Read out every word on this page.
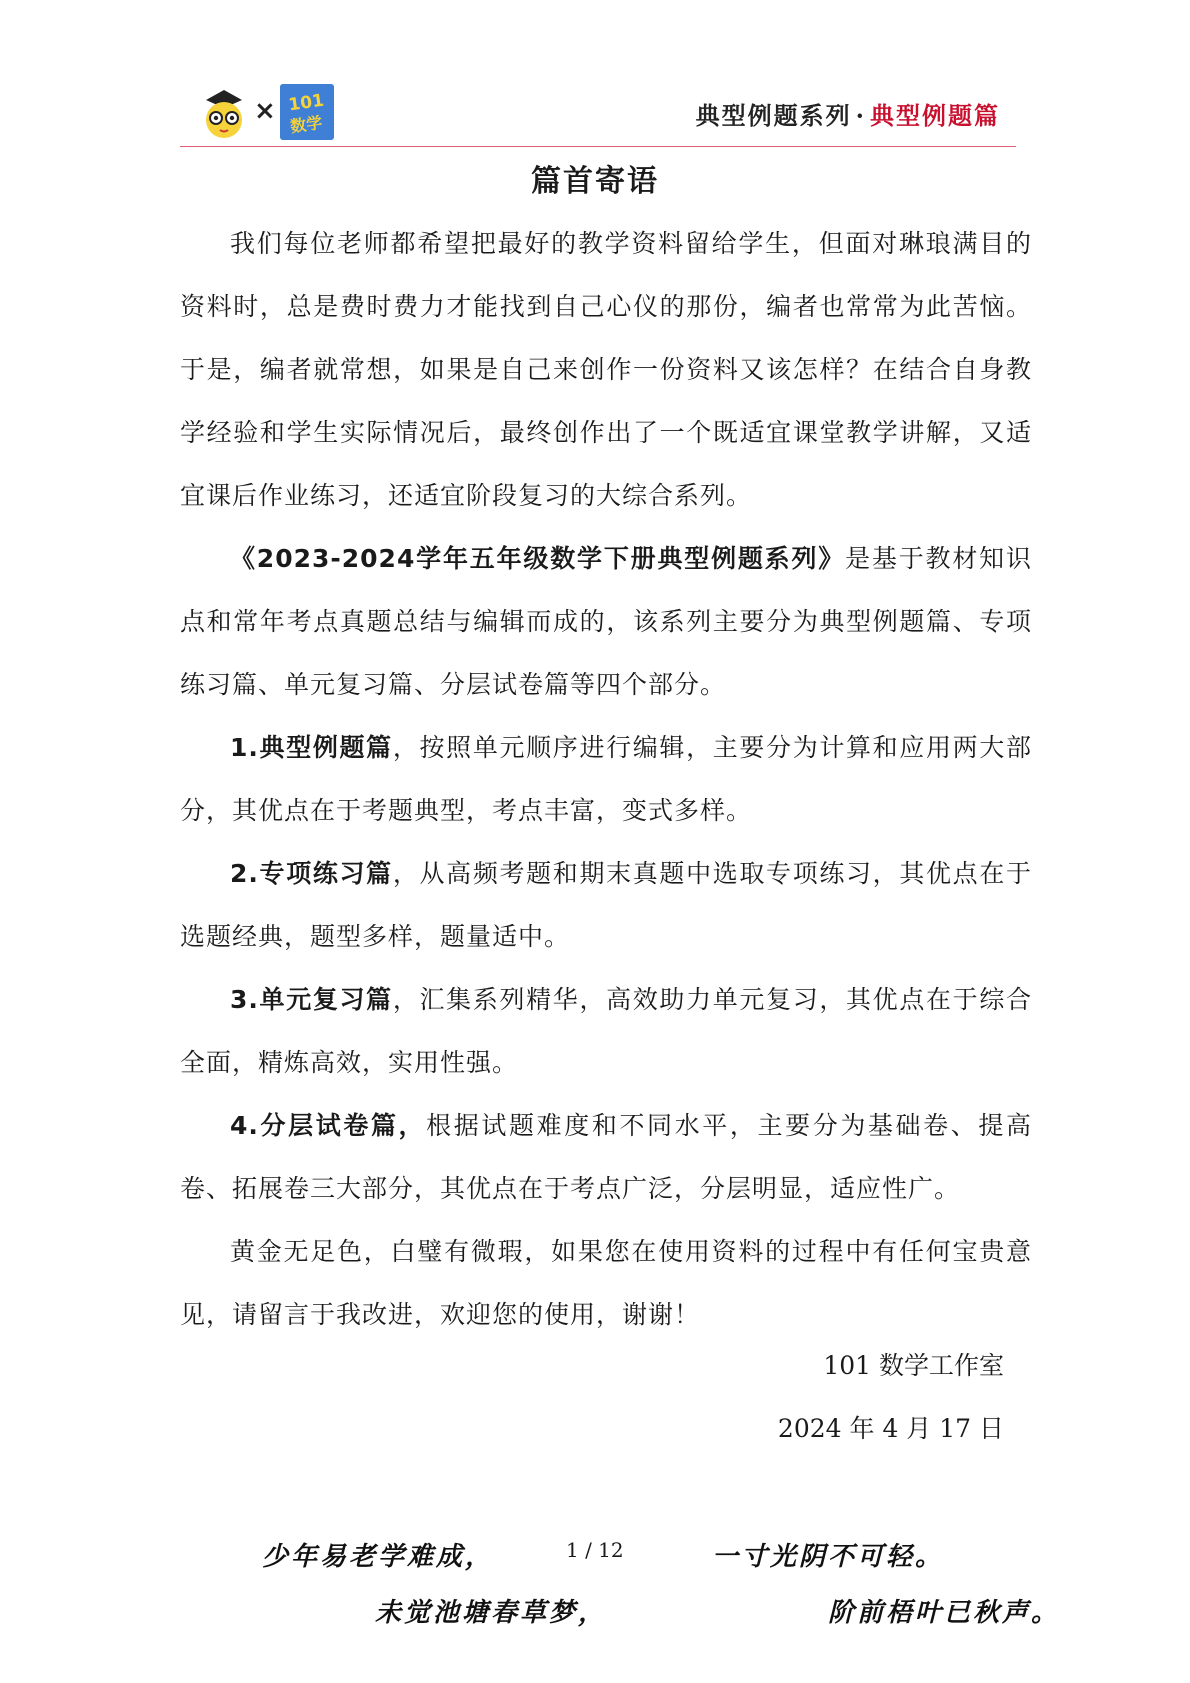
× 101
数学	典型例题系列 · 典型例题篇
篇首寄语

我们每位老师都希望把最好的教学资料留给学生，但面对琳琅满目的资料时，总是费时费力才能找到自己心仪的那份，编者也常常为此苦恼。于是，编者就常想，如果是自己来创作一份资料又该怎样？在结合自身教学经验和学生实际情况后，最终创作出了一个既适宜课堂教学讲解，又适宜课后作业练习，还适宜阶段复习的大综合系列。

《2023-2024学年五年级数学下册典型例题系列》是基于教材知识点和常年考点真题总结与编辑而成的，该系列主要分为典型例题篇、专项练习篇、单元复习篇、分层试卷篇等四个部分。

1.典型例题篇，按照单元顺序进行编辑，主要分为计算和应用两大部分，其优点在于考题典型，考点丰富，变式多样。

2.专项练习篇，从高频考题和期末真题中选取专项练习，其优点在于选题经典，题型多样，题量适中。

3.单元复习篇，汇集系列精华，高效助力单元复习，其优点在于综合全面，精炼高效，实用性强。

4.分层试卷篇，根据试题难度和不同水平，主要分为基础卷、提高卷、拓展卷三大部分，其优点在于考点广泛，分层明显，适应性广。

黄金无足色，白璧有微瑕，如果您在使用资料的过程中有任何宝贵意见，请留言于我改进，欢迎您的使用，谢谢！

101 数学工作室
2024 年 4 月 17 日
少年易老学难成，	1 / 12	一寸光阴不可轻。
未觉池塘春草梦，	阶前梧叶已秋声。
